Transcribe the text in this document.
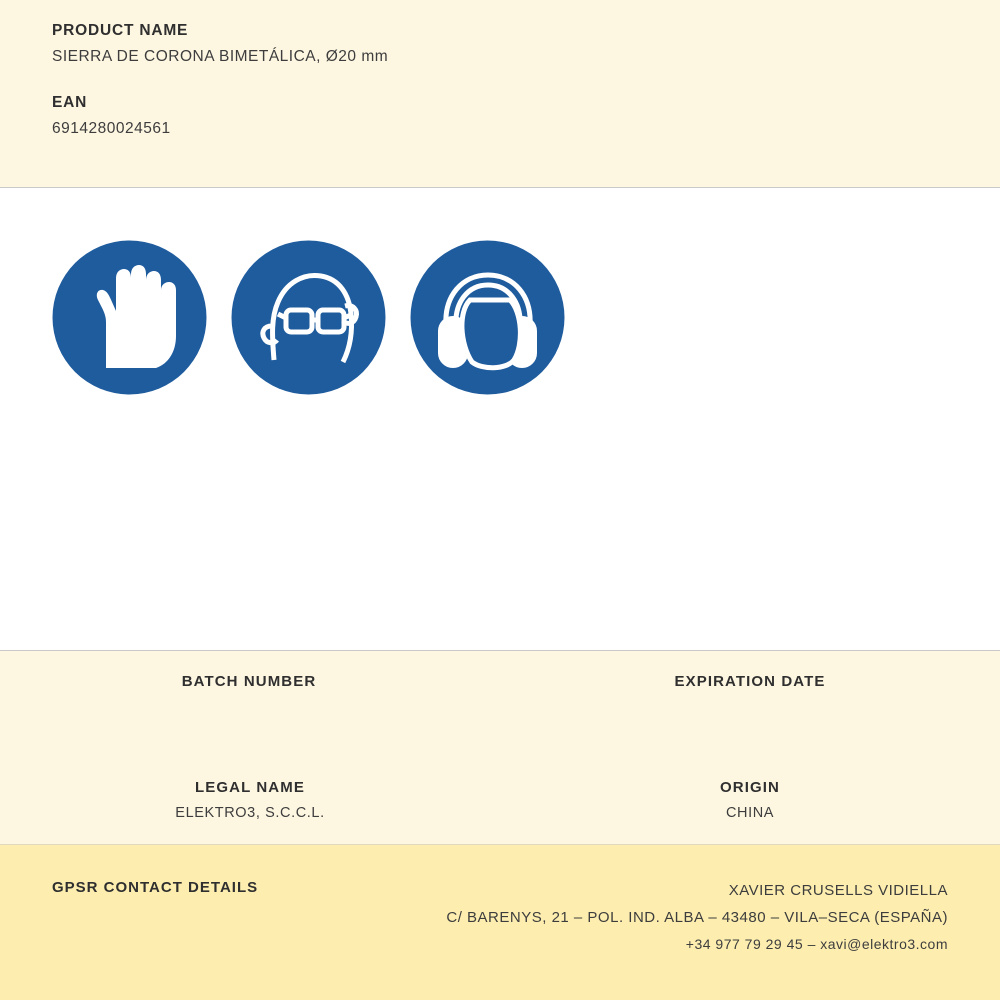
PRODUCT NAME

SIERRA DE CORONA BIMETÁLICA, Ø20 mm

EAN

6914280024561

BATCH NUMBER	EXPIRATION DATE
LEGAL NAME
ELEKTRO3, S.C.C.L.
ORIGIN
CHINA
GPSR CONTACT DETAILS	XAVIER CRUSELLS VIDIELLA
C/ BARENYS, 21 – POL. IND. ALBA – 43480 – VILA–SECA (ESPAÑA)
+34 977 79 29 45 – xavi@elektro3.com
